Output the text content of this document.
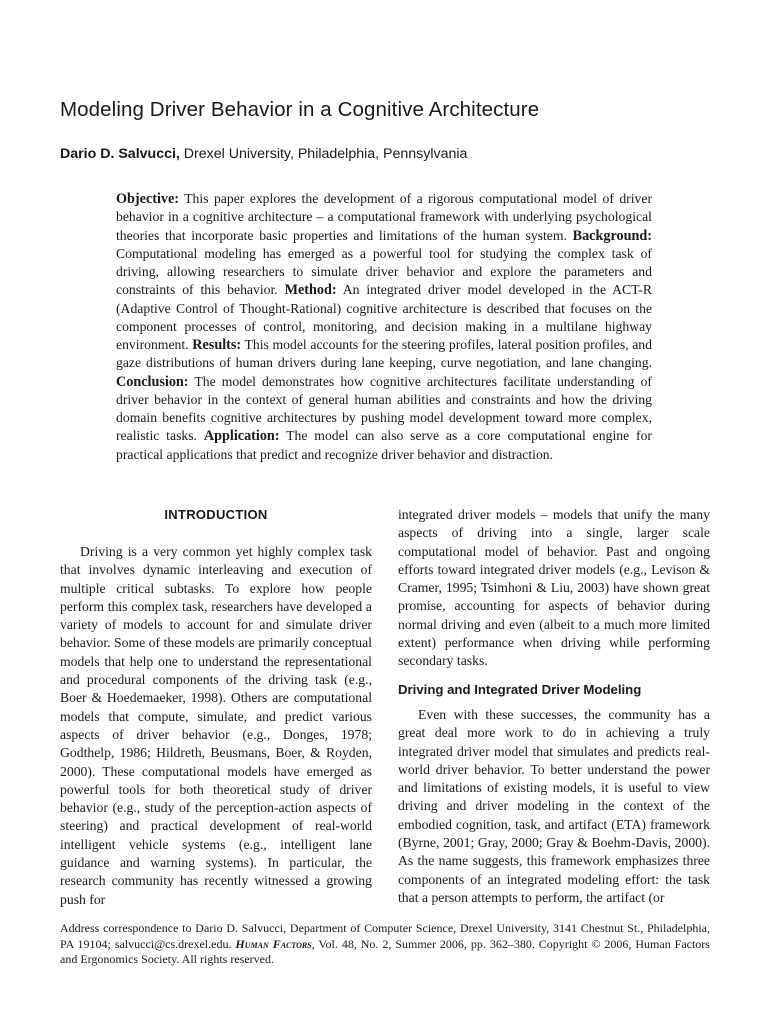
Modeling Driver Behavior in a Cognitive Architecture
Dario D. Salvucci, Drexel University, Philadelphia, Pennsylvania
Objective: This paper explores the development of a rigorous computational model of driver behavior in a cognitive architecture – a computational framework with underlying psychological theories that incorporate basic properties and limitations of the human system. Background: Computational modeling has emerged as a powerful tool for studying the complex task of driving, allowing researchers to simulate driver behavior and explore the parameters and constraints of this behavior. Method: An integrated driver model developed in the ACT-R (Adaptive Control of Thought-Rational) cognitive architecture is described that focuses on the component processes of control, monitoring, and decision making in a multilane highway environment. Results: This model accounts for the steering profiles, lateral position profiles, and gaze distributions of human drivers during lane keeping, curve negotiation, and lane changing. Conclusion: The model demonstrates how cognitive architectures facilitate understanding of driver behavior in the context of general human abilities and constraints and how the driving domain benefits cognitive architectures by pushing model development toward more complex, realistic tasks. Application: The model can also serve as a core computational engine for practical applications that predict and recognize driver behavior and distraction.
INTRODUCTION

Driving is a very common yet highly complex task that involves dynamic interleaving and execution of multiple critical subtasks. To explore how people perform this complex task, researchers have developed a variety of models to account for and simulate driver behavior. Some of these models are primarily conceptual models that help one to understand the representational and procedural components of the driving task (e.g., Boer & Hoedemaeker, 1998). Others are computational models that compute, simulate, and predict various aspects of driver behavior (e.g., Donges, 1978; Godthelp, 1986; Hildreth, Beusmans, Boer, & Royden, 2000). These computational models have emerged as powerful tools for both theoretical study of driver behavior (e.g., study of the perception-action aspects of steering) and practical development of real-world intelligent vehicle systems (e.g., intelligent lane guidance and warning systems). In particular, the research community has recently witnessed a growing push for

integrated driver models – models that unify the many aspects of driving into a single, larger scale computational model of behavior. Past and ongoing efforts toward integrated driver models (e.g., Levison & Cramer, 1995; Tsimhoni & Liu, 2003) have shown great promise, accounting for aspects of behavior during normal driving and even (albeit to a much more limited extent) performance when driving while performing secondary tasks.

Driving and Integrated Driver Modeling

Even with these successes, the community has a great deal more work to do in achieving a truly integrated driver model that simulates and predicts real-world driver behavior. To better understand the power and limitations of existing models, it is useful to view driving and driver modeling in the context of the embodied cognition, task, and artifact (ETA) framework (Byrne, 2001; Gray, 2000; Gray & Boehm-Davis, 2000). As the name suggests, this framework emphasizes three components of an integrated modeling effort: the task that a person attempts to perform, the artifact (or

Address correspondence to Dario D. Salvucci, Department of Computer Science, Drexel University, 3141 Chestnut St., Philadelphia, PA 19104; salvucci@cs.drexel.edu. Human Factors, Vol. 48, No. 2, Summer 2006, pp. 362–380. Copyright © 2006, Human Factors and Ergonomics Society. All rights reserved.
